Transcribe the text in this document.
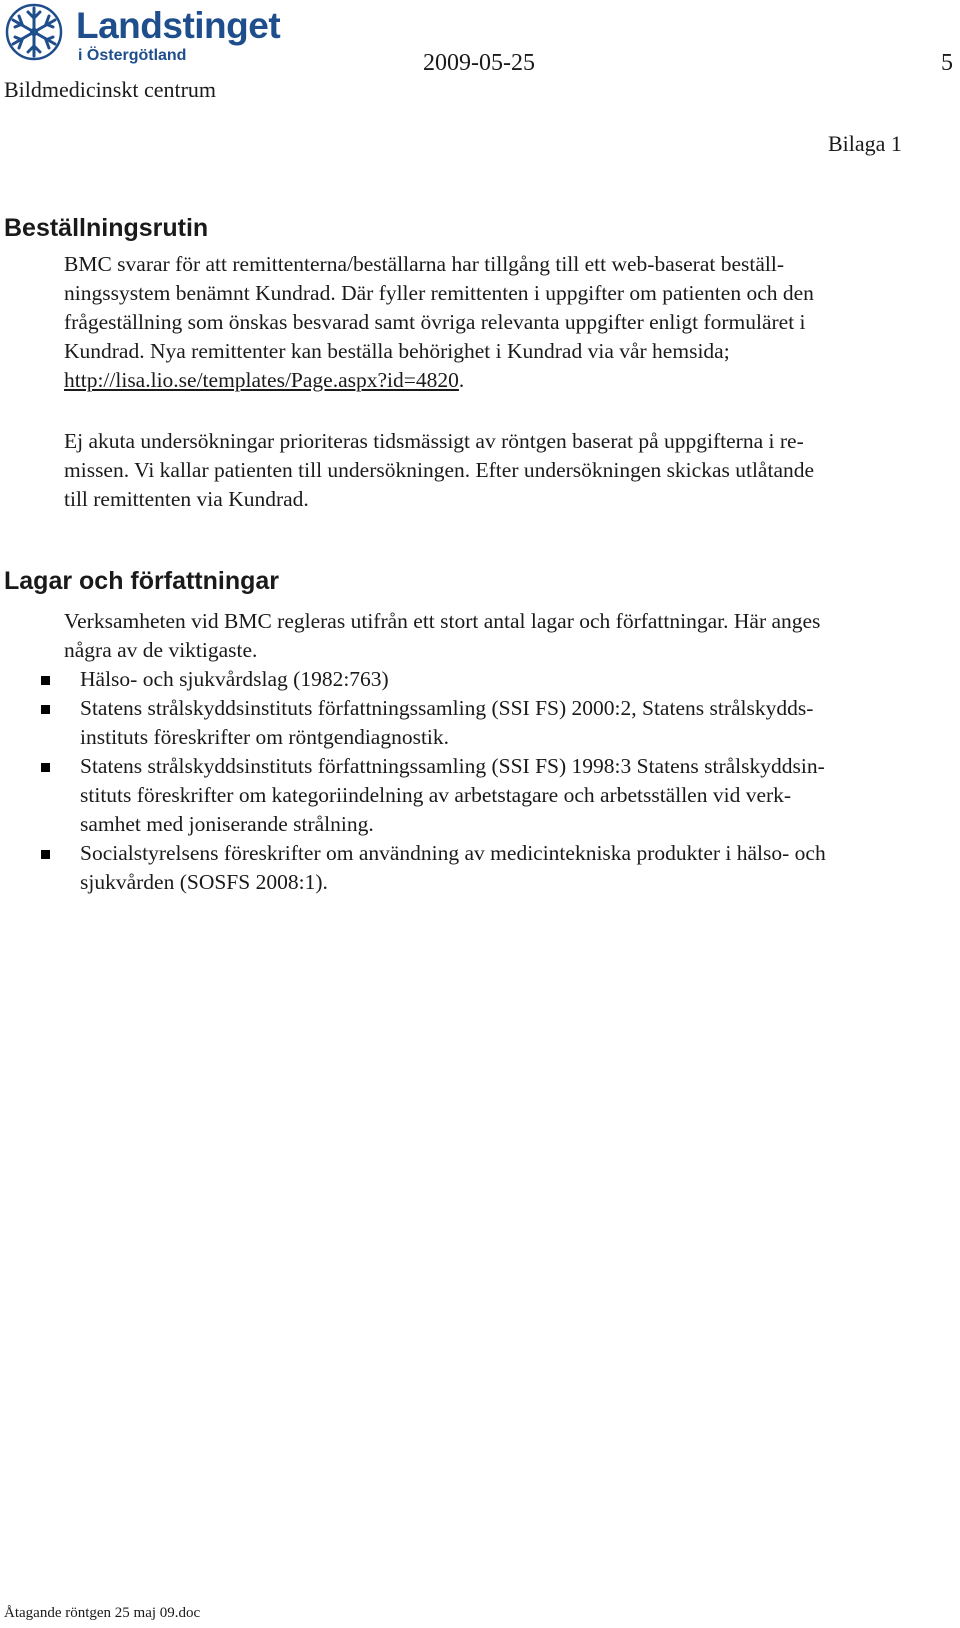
Landstinget
i Östergötland
Bildmedicinskt centrum
2009-05-25	5
Bilaga 1
Beställningsrutin
BMC svarar för att remittenterna/beställarna har tillgång till ett web-baserat beställ-
ningssystem benämnt Kundrad. Där fyller remittenten i uppgifter om patienten och den
frågeställning som önskas besvarad samt övriga relevanta uppgifter enligt formuläret i
Kundrad. Nya remittenter kan beställa behörighet i Kundrad via vår hemsida;
http://lisa.lio.se/templates/Page.aspx?id=4820.
Ej akuta undersökningar prioriteras tidsmässigt av röntgen baserat på uppgifterna i re-
missen. Vi kallar patienten till undersökningen. Efter undersökningen skickas utlåtande
till remittenten via Kundrad.
Lagar och författningar
Verksamheten vid BMC regleras utifrån ett stort antal lagar och författningar. Här anges
några av de viktigaste.
Hälso- och sjukvårdslag (1982:763)
Statens strålskyddsinstituts författningssamling (SSI FS) 2000:2, Statens strålskydds-
instituts föreskrifter om röntgendiagnostik.
Statens strålskyddsinstituts författningssamling (SSI FS) 1998:3 Statens strålskyddsin-
stituts föreskrifter om kategoriindelning av arbetstagare och arbetsställen vid verk-
samhet med joniserande strålning.
Socialstyrelsens föreskrifter om användning av medicintekniska produkter i hälso- och
sjukvården (SOSFS 2008:1).
Åtagande röntgen 25 maj 09.doc
